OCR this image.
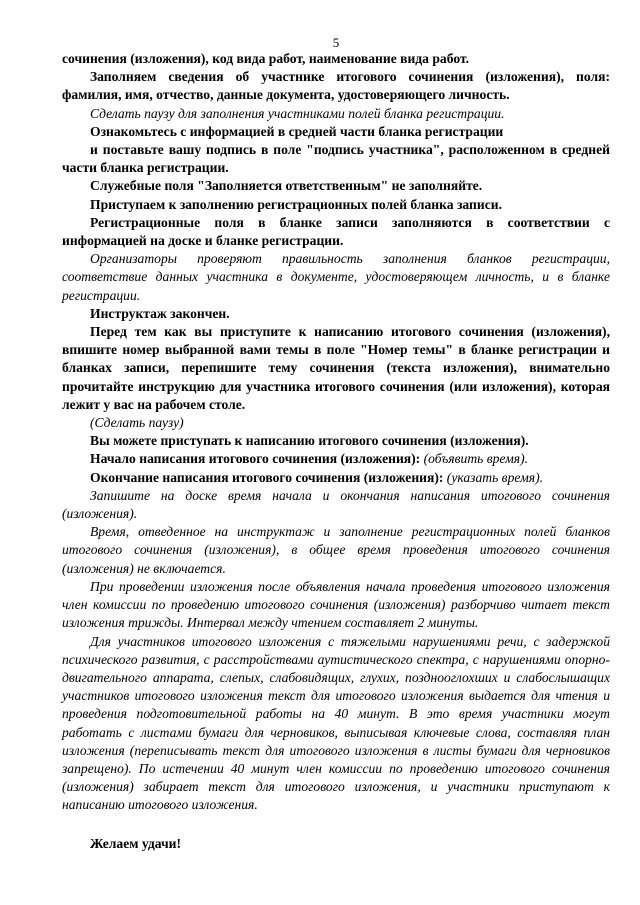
5

сочинения (изложения), код вида работ, наименование вида работ.

Заполняем сведения об участнике итогового сочинения (изложения), поля: фамилия, имя, отчество, данные документа, удостоверяющего личность.

Сделать паузу для заполнения участниками полей бланка регистрации.

Ознакомьтесь с информацией в средней части бланка регистрации

и поставьте вашу подпись в поле "подпись участника", расположенном в средней части бланка регистрации.

Служебные поля "Заполняется ответственным" не заполняйте.

Приступаем к заполнению регистрационных полей бланка записи.

Регистрационные поля в бланке записи заполняются в соответствии с информацией на доске и бланке регистрации.

Организаторы проверяют правильность заполнения бланков регистрации, соответствие данных участника в документе, удостоверяющем личность, и в бланке регистрации.

Инструктаж закончен.

Перед тем как вы приступите к написанию итогового сочинения (изложения), впишите номер выбранной вами темы в поле "Номер темы" в бланке регистрации и бланках записи, перепишите тему сочинения (текста изложения), внимательно прочитайте инструкцию для участника итогового сочинения (или изложения), которая лежит у вас на рабочем столе.

(Сделать паузу)

Вы можете приступать к написанию итогового сочинения (изложения).

Начало написания итогового сочинения (изложения): (объявить время).

Окончание написания итогового сочинения (изложения): (указать время).

Запишите на доске время начала и окончания написания итогового сочинения (изложения).

Время, отведенное на инструктаж и заполнение регистрационных полей бланков итогового сочинения (изложения), в общее время проведения итогового сочинения (изложения) не включается.

При проведении изложения после объявления начала проведения итогового изложения член комиссии по проведению итогового сочинения (изложения) разборчиво читает текст изложения трижды. Интервал между чтением составляет 2 минуты.

Для участников итогового изложения с тяжелыми нарушениями речи, с задержкой психического развития, с расстройствами аутистического спектра, с нарушениями опорно-двигательного аппарата, слепых, слабовидящих, глухих, позднооглохших и слабослышащих участников итогового изложения текст для итогового изложения выдается для чтения и проведения подготовительной работы на 40 минут. В это время участники могут работать с листами бумаги для черновиков, выписывая ключевые слова, составляя план изложения (переписывать текст для итогового изложения в листы бумаги для черновиков запрещено). По истечении 40 минут член комиссии по проведению итогового сочинения (изложения) забирает текст для итогового изложения, и участники приступают к написанию итогового изложения.

Желаем удачи!
